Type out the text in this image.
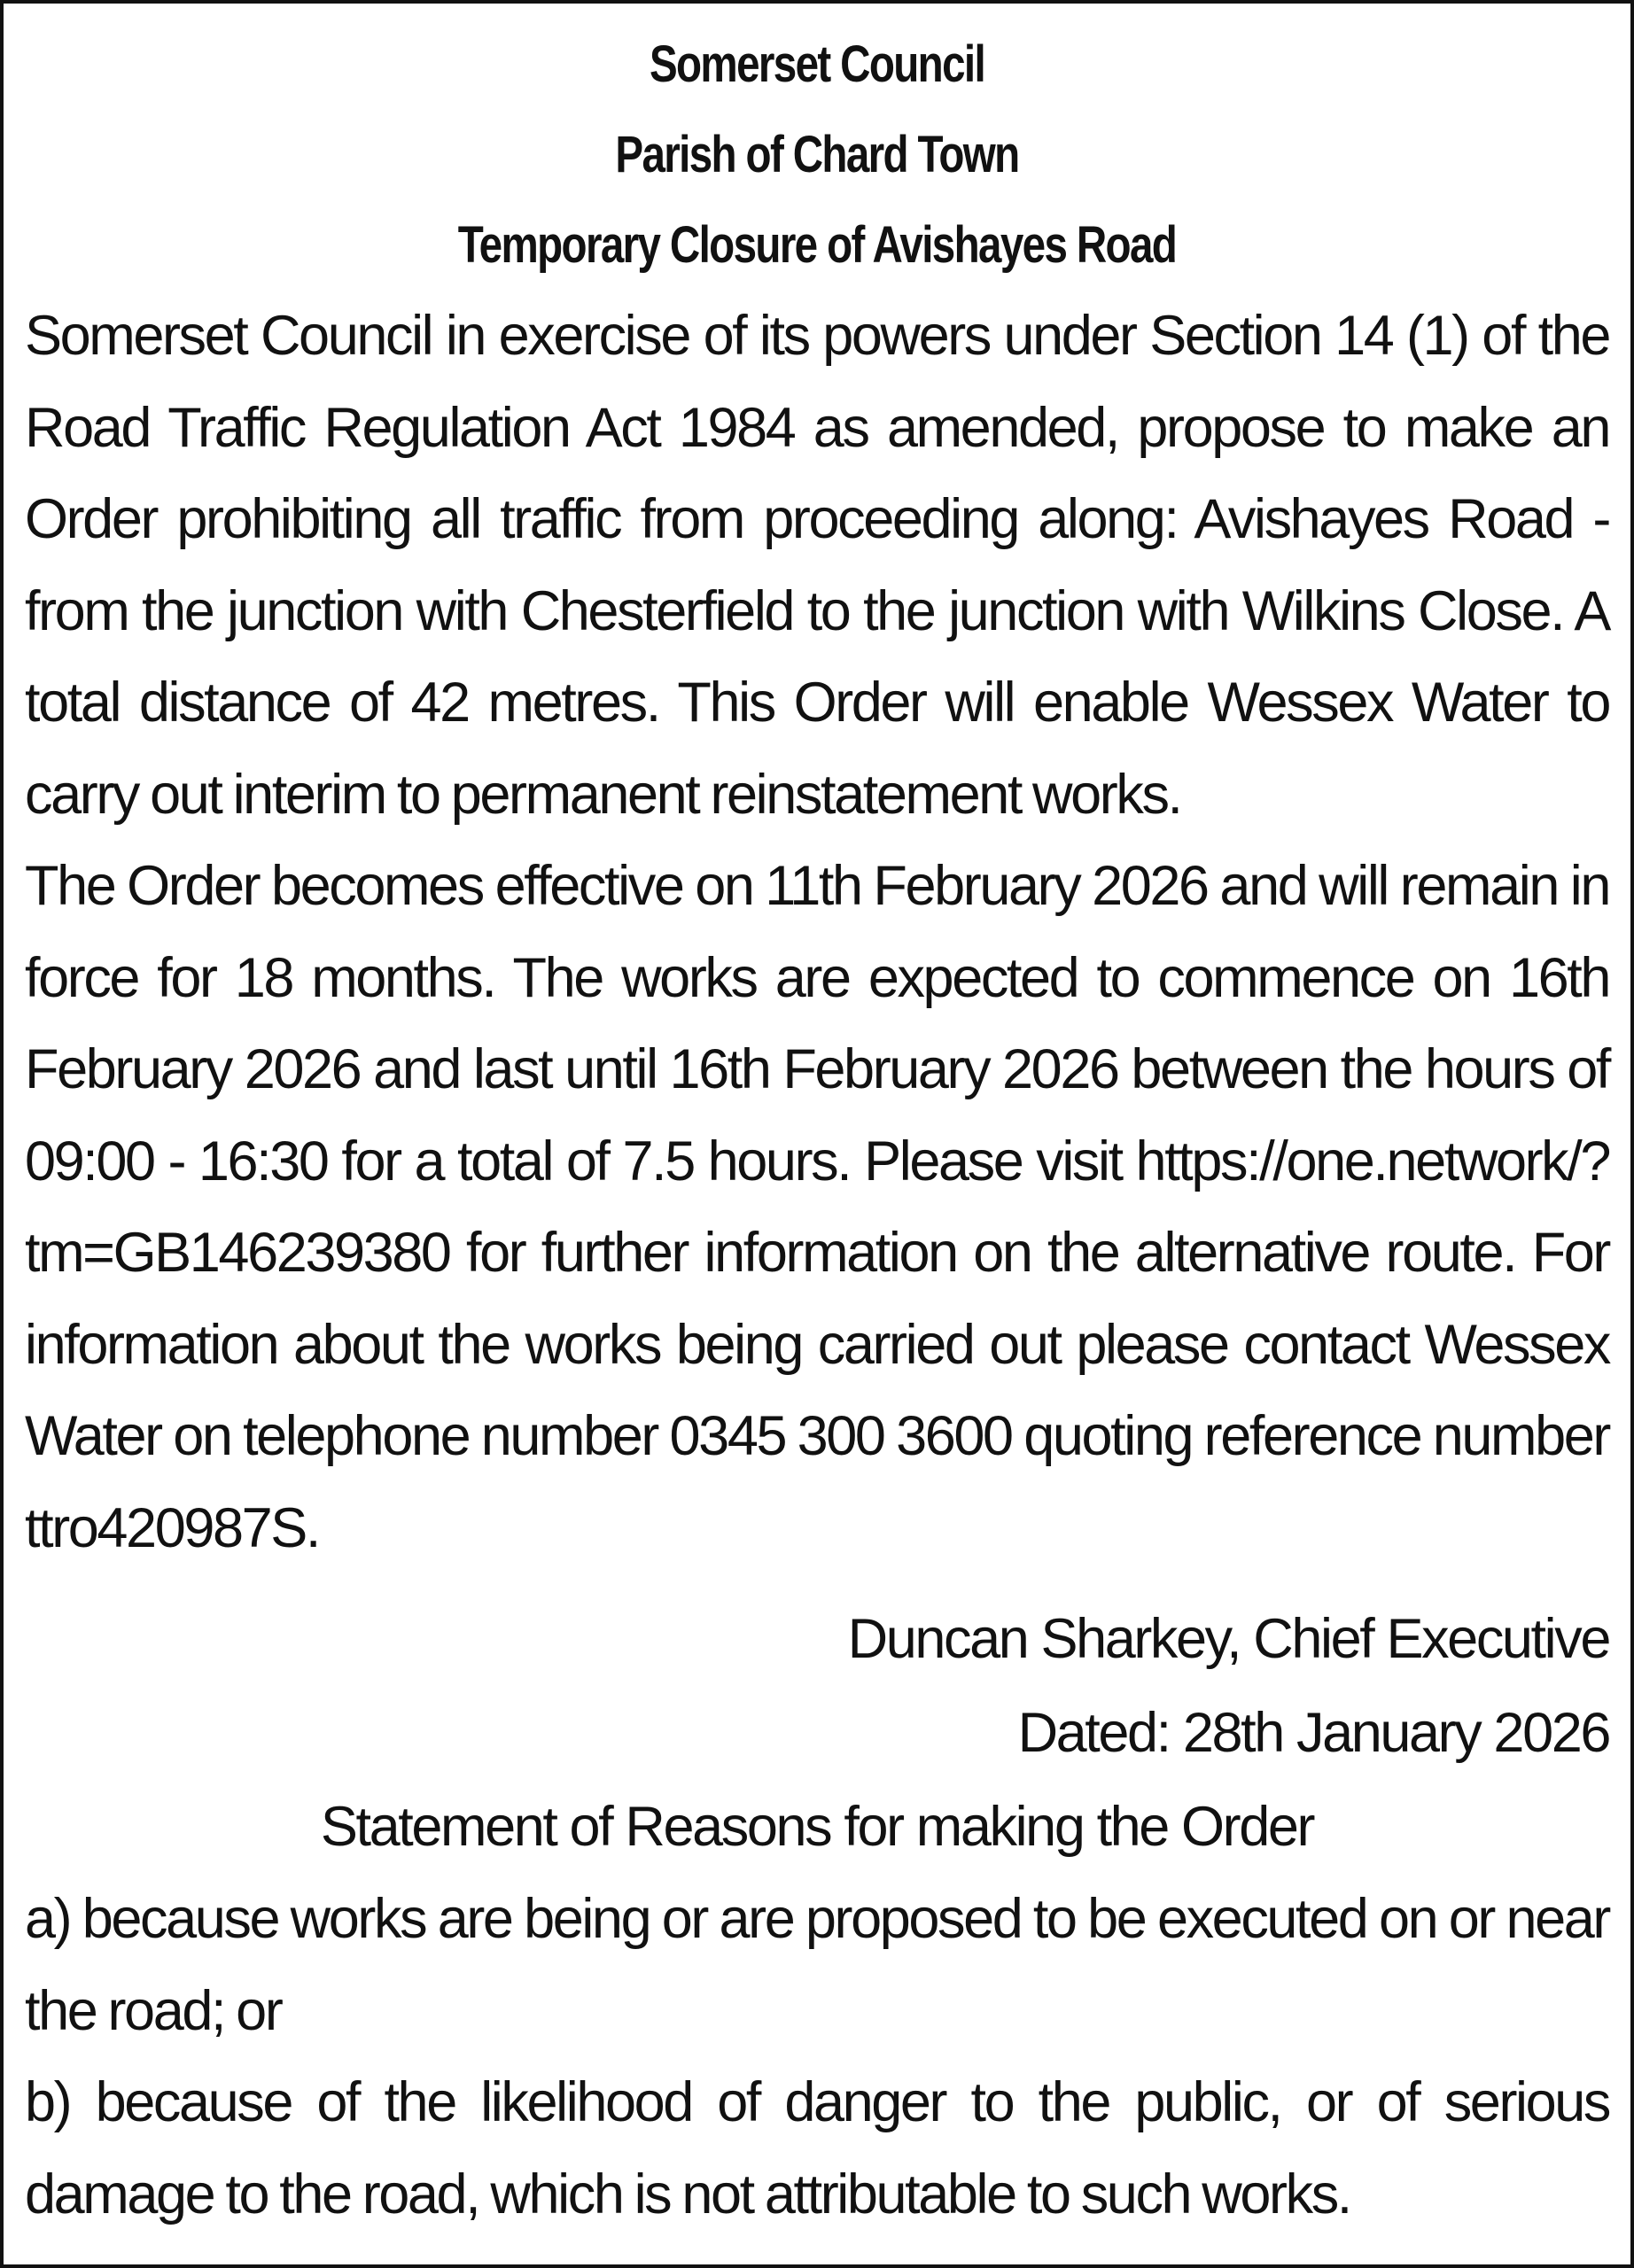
Somerset Council
Parish of Chard Town
Temporary Closure of Avishayes Road

Somerset Council in exercise of its powers under Section 14 (1) of the Road Traffic Regulation Act 1984 as amended, propose to make an Order prohibiting all traffic from proceeding along: Avishayes Road - from the junction with Chesterfield to the junction with Wilkins Close. A total distance of 42 metres. This Order will enable Wessex Water to carry out interim to permanent reinstatement works.

The Order becomes effective on 11th February 2026 and will remain in force for 18 months. The works are expected to commence on 16th February 2026 and last until 16th February 2026 between the hours of 09:00 - 16:30 for a total of 7.5 hours. Please visit https://one.network/?tm=GB146239380 for further information on the alternative route. For information about the works being carried out please contact Wessex Water on telephone number 0345 300 3600 quoting reference number ttro420987S.

Duncan Sharkey, Chief Executive

Dated: 28th January 2026

Statement of Reasons for making the Order

a) because works are being or are proposed to be executed on or near the road; or

b) because of the likelihood of danger to the public, or of serious damage to the road, which is not attributable to such works.
